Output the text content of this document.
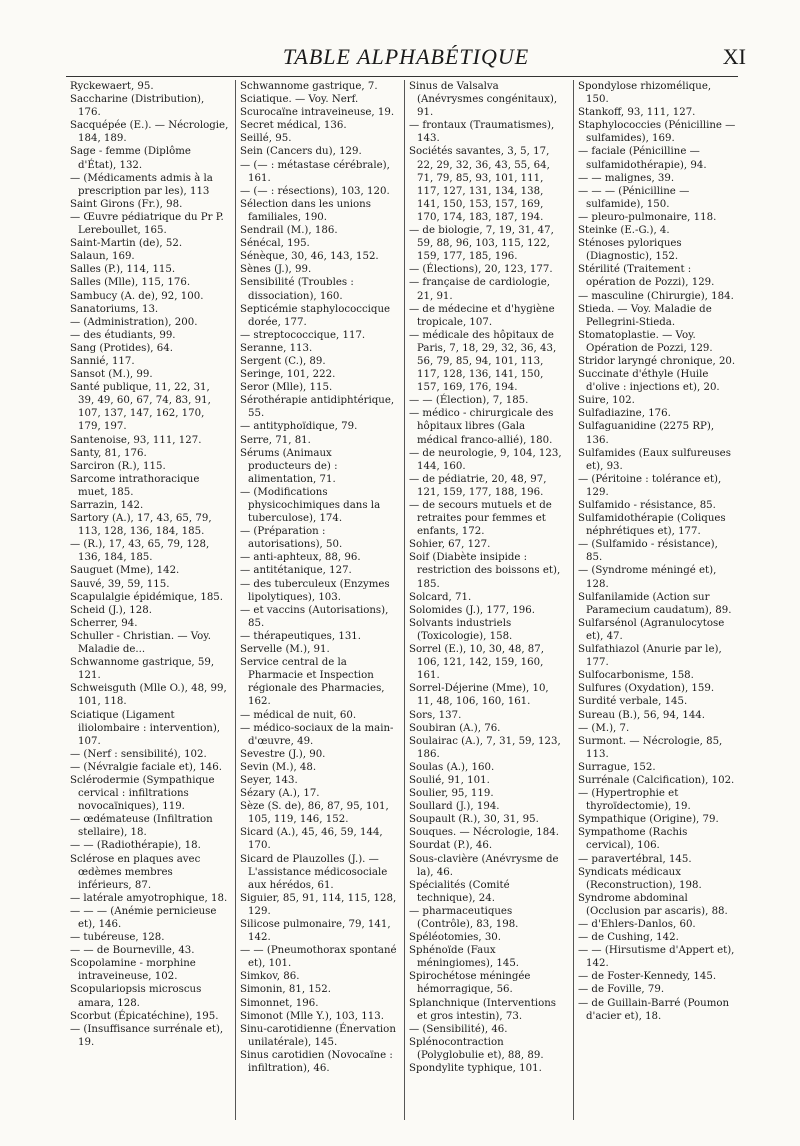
TABLE ALPHABÉTIQUE	XI

Ryckewaert, 95.

Saccharine (Distribution), 176.

Sacquépée (E.). — Nécrologie, 184, 189.

Sage - femme (Diplôme d'État), 132.

— (Médicaments admis à la prescription par les), 113

Saint Girons (Fr.), 98.

— Œuvre pédiatrique du Pr P. Lereboullet, 165.

Saint-Martin (de), 52.

Salaun, 169.

Salles (P.), 114, 115.

Salles (Mlle), 115, 176.

Sambucy (A. de), 92, 100.

Sanatoriums, 13.

— (Administration), 200.

— des étudiants, 99.

Sang (Protides), 64.

Sannié, 117.

Sansot (M.), 99.

Santé publique, 11, 22, 31, 39, 49, 60, 67, 74, 83, 91, 107, 137, 147, 162, 170, 179, 197.

Santenoise, 93, 111, 127.

Santy, 81, 176.

Sarciron (R.), 115.

Sarcome intrathoracique muet, 185.

Sarrazin, 142.

Sartory (A.), 17, 43, 65, 79, 113, 128, 136, 184, 185.

— (R.), 17, 43, 65, 79, 128, 136, 184, 185.

Sauguet (Mme), 142.

Sauvé, 39, 59, 115.

Scapulalgie épidémique, 185.

Scheid (J.), 128.

Scherrer, 94.

Schuller - Christian. — Voy. Maladie de...

Schwannome gastrique, 59, 121.

Schweisguth (Mlle O.), 48, 99, 101, 118.

Sciatique (Ligament iliolombaire : intervention), 107.

— (Nerf : sensibilité), 102.

— (Névralgie faciale et), 146.

Sclérodermie (Sympathique cervical : infiltrations novocaïniques), 119.

— œdémateuse (Infiltration stellaire), 18.

— — (Radiothérapie), 18.

Sclérose en plaques avec œdèmes membres inférieurs, 87.

— latérale amyotrophique, 18.

— — — (Anémie pernicieuse et), 146.

— tubéreuse, 128.

— — de Bourneville, 43.

Scopolamine - morphine intraveineuse, 102.

Scopulariopsis microscus amara, 128.

Scorbut (Épicatéchine), 195.

— (Insuffisance surrénale et), 19.

Schwannome gastrique, 7.

Sciatique. — Voy. Nerf.

Scurocaïne intraveineuse, 19.

Secret médical, 136.

Seillé, 95.

Sein (Cancers du), 129.

— (— : métastase cérébrale), 161.

— (— : résections), 103, 120.

Sélection dans les unions familiales, 190.

Sendrail (M.), 186.

Sénécal, 195.

Sénèque, 30, 46, 143, 152.

Sènes (J.), 99.

Sensibilité (Troubles : dissociation), 160.

Septicémie staphylococcique dorée, 177.

— streptococcique, 117.

Seranne, 113.

Sergent (C.), 89.

Seringe, 101, 222.

Seror (Mlle), 115.

Sérothérapie antidiphtérique, 55.

— antityphoïdique, 79.

Serre, 71, 81.

Sérums (Animaux producteurs de) : alimentation, 71.

— (Modifications physicochimiques dans la tuberculose), 174.

— (Préparation : autorisations), 50.

— anti-aphteux, 88, 96.

— antitétanique, 127.

— des tuberculeux (Enzymes lipolytiques), 103.

— et vaccins (Autorisations), 85.

— thérapeutiques, 131.

Servelle (M.), 91.

Service central de la Pharmacie et Inspection régionale des Pharmacies, 162.

— médical de nuit, 60.

— médico-sociaux de la main-d'œuvre, 49.

Sevestre (J.), 90.

Sevin (M.), 48.

Seyer, 143.

Sézary (A.), 17.

Sèze (S. de), 86, 87, 95, 101, 105, 119, 146, 152.

Sicard (A.), 45, 46, 59, 144, 170.

Sicard de Plauzolles (J.). — L'assistance médicosociale aux hérédos, 61.

Siguier, 85, 91, 114, 115, 128, 129.

Silicose pulmonaire, 79, 141, 142.

— — (Pneumothorax spontané et), 101.

Simkov, 86.

Simonin, 81, 152.

Simonnet, 196.

Simonot (Mlle Y.), 103, 113.

Sinu-carotidienne (Énervation unilatérale), 145.

Sinus carotidien (Novocaïne : infiltration), 46.

Sinus de Valsalva (Anévrysmes congénitaux), 91.

— frontaux (Traumatismes), 143.

Sociétés savantes, 3, 5, 17, 22, 29, 32, 36, 43, 55, 64, 71, 79, 85, 93, 101, 111, 117, 127, 131, 134, 138, 141, 150, 153, 157, 169, 170, 174, 183, 187, 194.

— de biologie, 7, 19, 31, 47, 59, 88, 96, 103, 115, 122, 159, 177, 185, 196.

— (Élections), 20, 123, 177.

— française de cardiologie, 21, 91.

— de médecine et d'hygiène tropicale, 107.

— médicale des hôpitaux de Paris, 7, 18, 29, 32, 36, 43, 56, 79, 85, 94, 101, 113, 117, 128, 136, 141, 150, 157, 169, 176, 194.

— — (Élection), 7, 185.

— médico - chirurgicale des hôpitaux libres (Gala médical franco-allié), 180.

— de neurologie, 9, 104, 123, 144, 160.

— de pédiatrie, 20, 48, 97, 121, 159, 177, 188, 196.

— de secours mutuels et de retraites pour femmes et enfants, 172.

Sohier, 67, 127.

Soif (Diabète insipide : restriction des boissons et), 185.

Solcard, 71.

Solomides (J.), 177, 196.

Solvants industriels (Toxicologie), 158.

Sorrel (E.), 10, 30, 48, 87, 106, 121, 142, 159, 160, 161.

Sorrel-Déjerine (Mme), 10, 11, 48, 106, 160, 161.

Sors, 137.

Soubiran (A.), 76.

Soulairac (A.), 7, 31, 59, 123, 186.

Soulas (A.), 160.

Soulié, 91, 101.

Soulier, 95, 119.

Soullard (J.), 194.

Soupault (R.), 30, 31, 95.

Souques. — Nécrologie, 184.

Sourdat (P.), 46.

Sous-clavière (Anévrysme de la), 46.

Spécialités (Comité technique), 24.

— pharmaceutiques (Contrôle), 83, 198.

Spéléotomies, 30.

Sphénoïde (Faux méningiomes), 145.

Spirochétose méningée hémorragique, 56.

Splanchnique (Interventions et gros intestin), 73.

— (Sensibilité), 46.

Splénocontraction (Polyglobulie et), 88, 89.

Spondylite typhique, 101.

Spondylose rhizomélique, 150.

Stankoff, 93, 111, 127.

Staphylococcies (Pénicilline — sulfamides), 169.

— faciale (Pénicilline — sulfamidothérapie), 94.

— — malignes, 39.

— — — (Pénicilline — sulfamide), 150.

— pleuro-pulmonaire, 118.

Steinke (E.-G.), 4.

Sténoses pyloriques (Diagnostic), 152.

Stérilité (Traitement : opération de Pozzi), 129.

— masculine (Chirurgie), 184.

Stieda. — Voy. Maladie de Pellegrini-Stieda.

Stomatoplastie. — Voy. Opération de Pozzi, 129.

Stridor laryngé chronique, 20.

Succinate d'éthyle (Huile d'olive : injections et), 20.

Suire, 102.

Sulfadiazine, 176.

Sulfaguanidine (2275 RP), 136.

Sulfamides (Eaux sulfureuses et), 93.

— (Péritoine : tolérance et), 129.

Sulfamido - résistance, 85.

Sulfamidothérapie (Coliques néphrétiques et), 177.

— (Sulfamido - résistance), 85.

— (Syndrome méningé et), 128.

Sulfanilamide (Action sur Paramecium caudatum), 89.

Sulfarsénol (Agranulocytose et), 47.

Sulfathiazol (Anurie par le), 177.

Sulfocarbonisme, 158.

Sulfures (Oxydation), 159.

Surdité verbale, 145.

Sureau (B.), 56, 94, 144.

— (M.), 7.

Surmont. — Nécrologie, 85, 113.

Surrague, 152.

Surrénale (Calcification), 102.

— (Hypertrophie et thyroïdectomie), 19.

Sympathique (Origine), 79.

Sympathome (Rachis cervical), 106.

— paravertébral, 145.

Syndicats médicaux (Reconstruction), 198.

Syndrome abdominal (Occlusion par ascaris), 88.

— d'Ehlers-Danlos, 60.

— de Cushing, 142.

— — (Hirsutisme d'Appert et), 142.

— de Foster-Kennedy, 145.

— de Foville, 79.

— de Guillain-Barré (Poumon d'acier et), 18.
